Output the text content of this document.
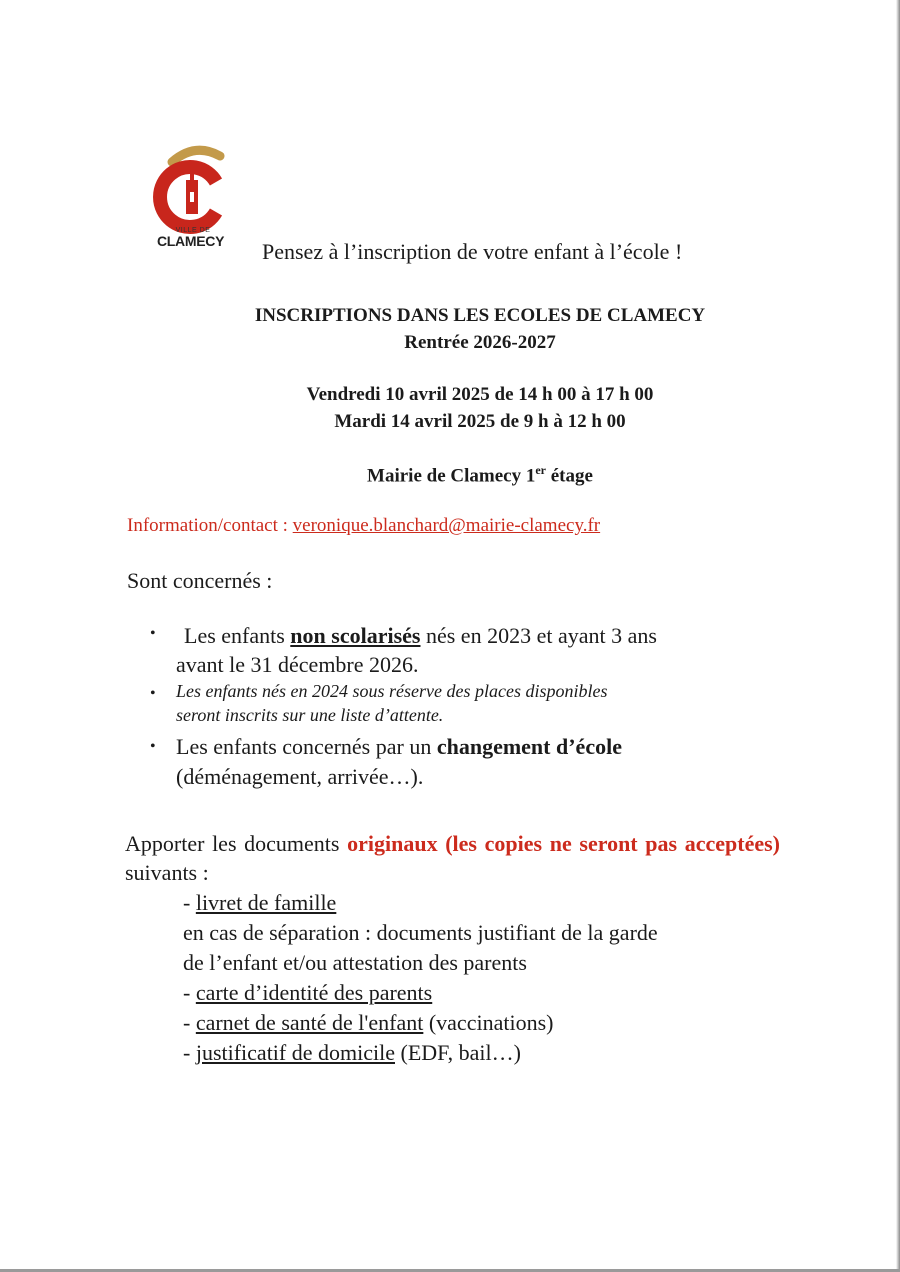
VILLE DE
CLAMECY Pensez à l’inscription de votre enfant à l’école !
INSCRIPTIONS DANS LES ECOLES DE CLAMECY
Rentrée 2026-2027
Vendredi 10 avril 2025 de 14 h 00 à 17 h 00
Mardi 14 avril 2025 de 9 h à 12 h 00
Mairie de Clamecy 1er étage
Information/contact : veronique.blanchard@mairie-clamecy.fr
Sont concernés :
•	Les enfants non scolarisés nés en 2023 et ayant 3 ans
avant le 31 décembre 2026.
• Les enfants nés en 2024 sous réserve des places disponibles
seront inscrits sur une liste d’attente.
• Les enfants concernés par un changement d’école
(déménagement, arrivée…).
Apporter les documents originaux (les copies ne seront pas acceptées) suivants :
- livret de famille
en cas de séparation : documents justifiant de la garde
de l’enfant et/ou attestation des parents
- carte d’identité des parents
- carnet de santé de l'enfant (vaccinations)
- justificatif de domicile (EDF, bail…)
